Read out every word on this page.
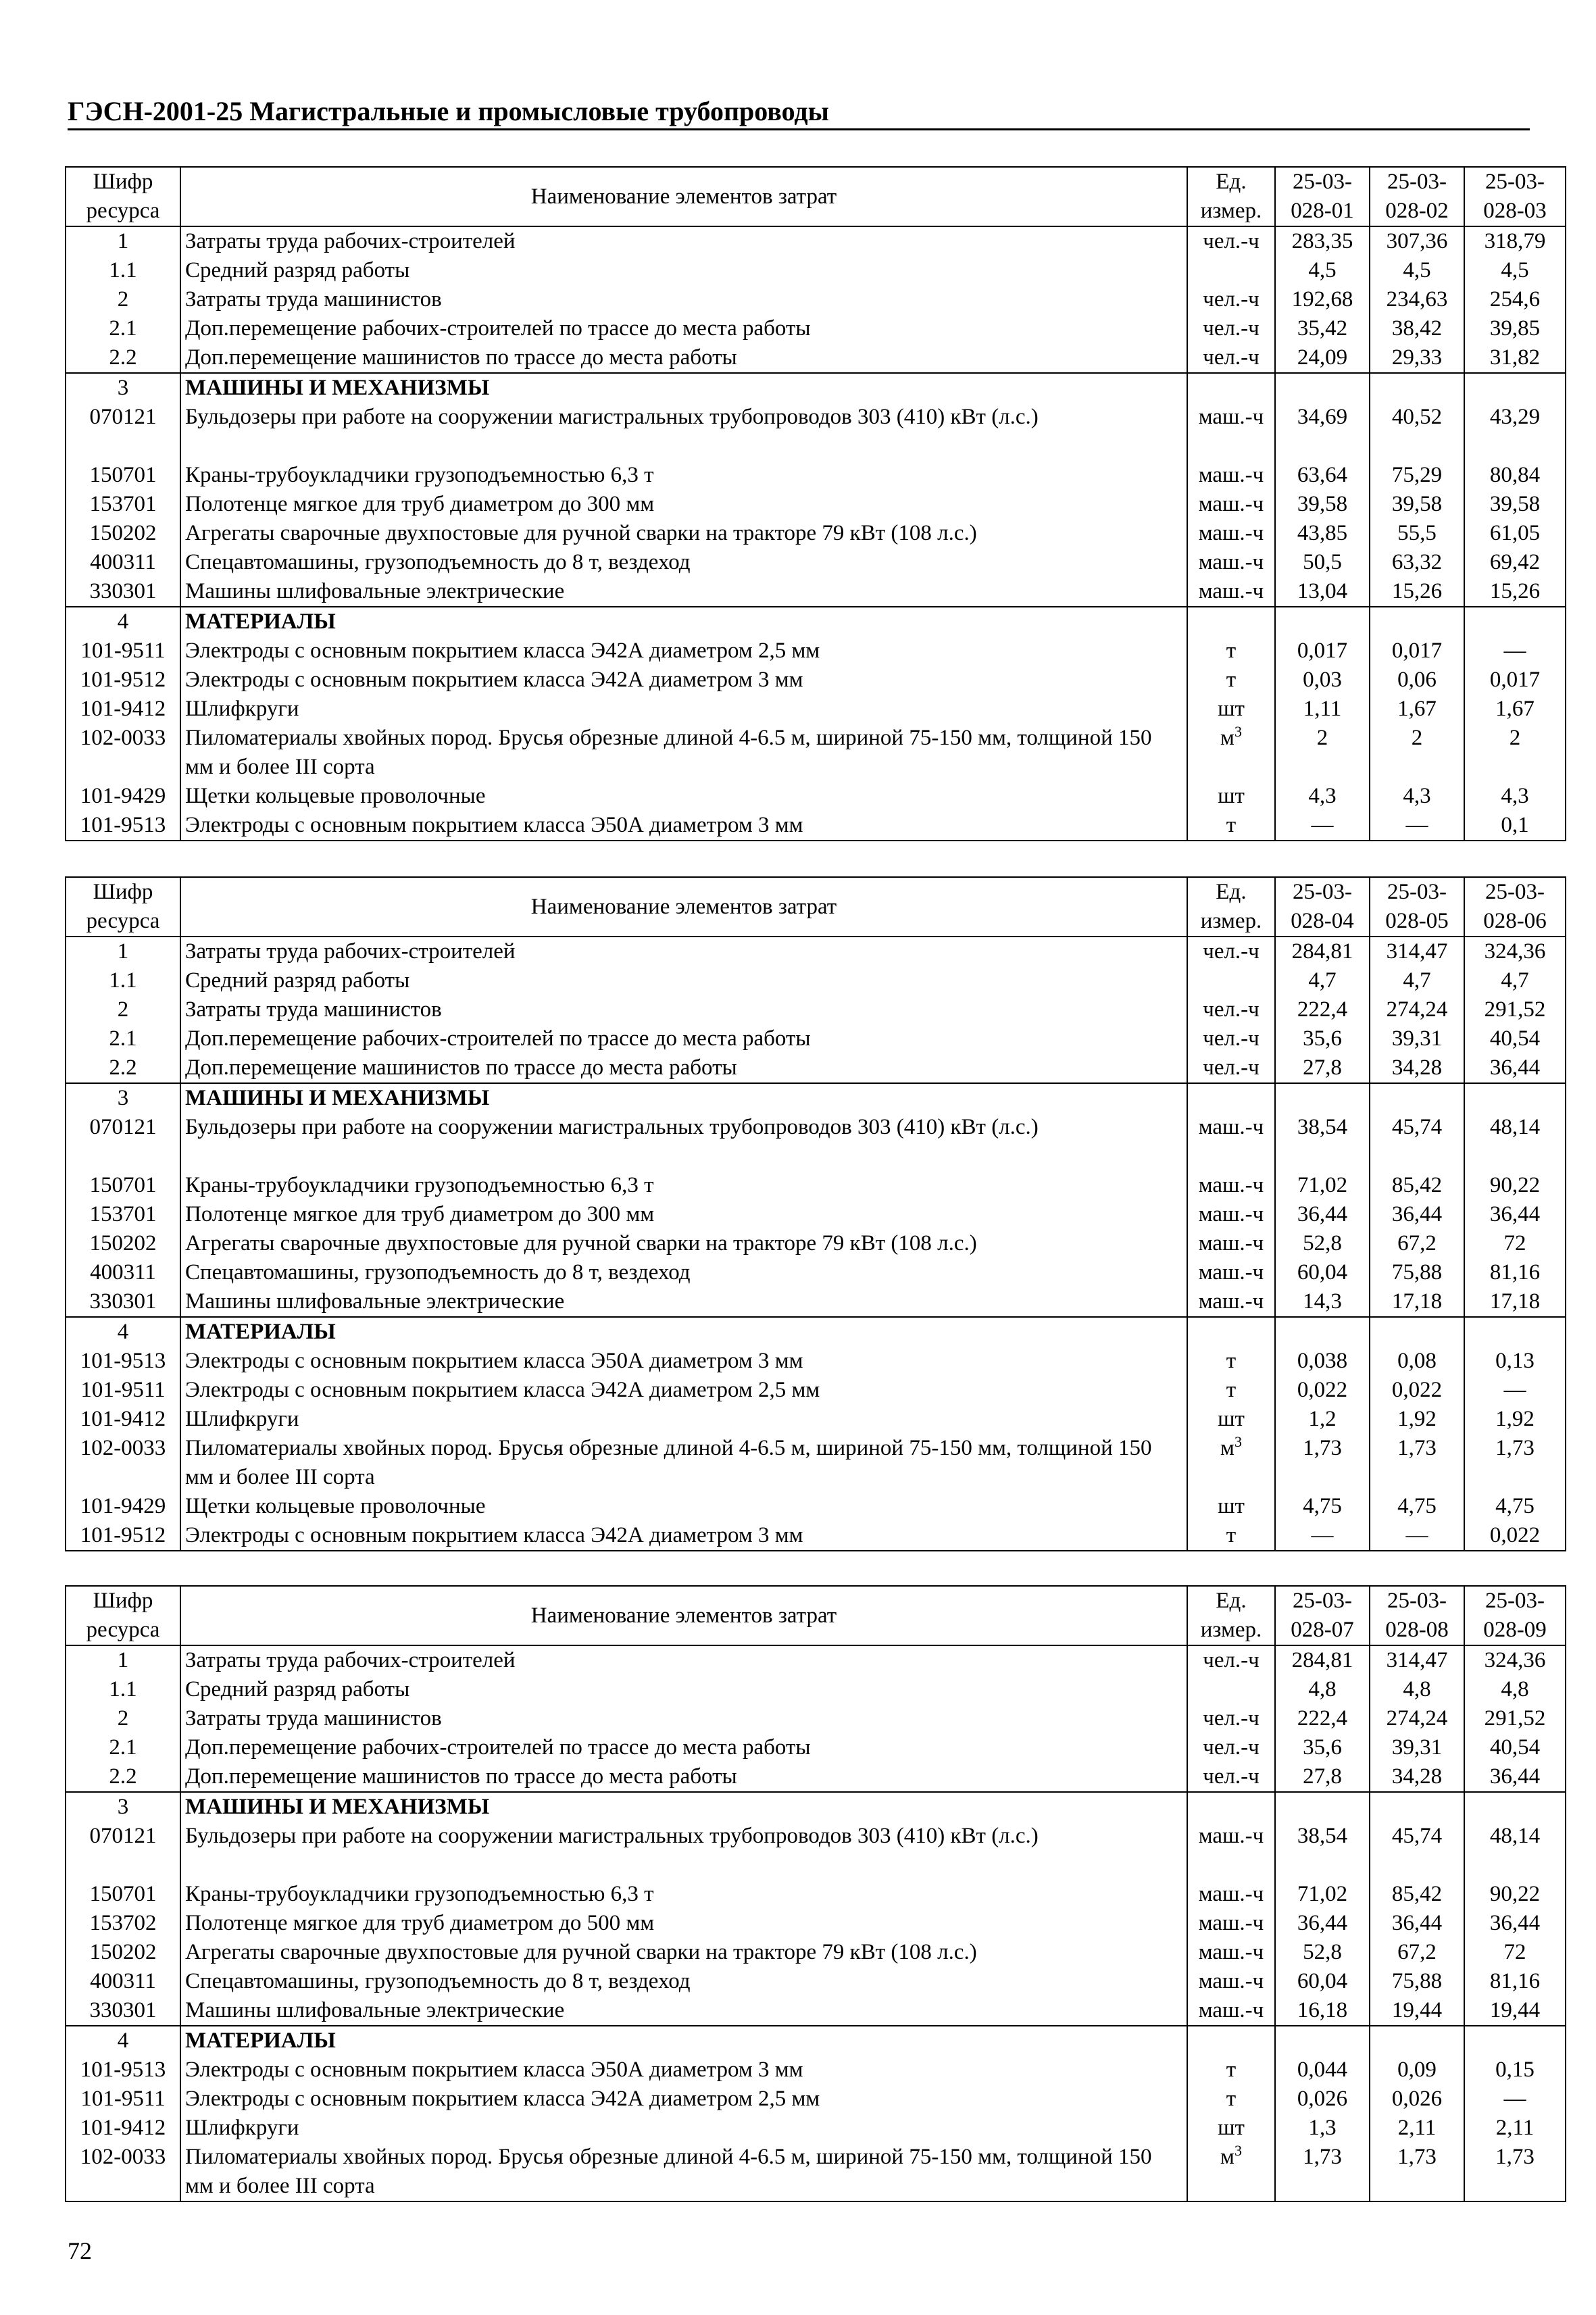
ГЭСН-2001-25 Магистральные и промысловые трубопроводы
Шифр ресурса	Наименование элементов затрат	Ед. измер.	25-03-028-01	25-03-028-02	25-03-028-03
1	Затраты труда рабочих-строителей	чел.-ч	283,35	307,36	318,79
1.1	Средний разряд работы		4,5	4,5	4,5
2	Затраты труда машинистов	чел.-ч	192,68	234,63	254,6
2.1	Доп.перемещение рабочих-строителей по трассе до места работы	чел.-ч	35,42	38,42	39,85
2.2	Доп.перемещение машинистов по трассе до места работы	чел.-ч	24,09	29,33	31,82
3	МАШИНЫ И МЕХАНИЗМЫ				
070121	Бульдозеры при работе на сооружении магистральных трубопроводов 303 (410) кВт (л.с.)	маш.-ч	34,69	40,52	43,29
150701	Краны-трубоукладчики грузоподъемностью 6,3 т	маш.-ч	63,64	75,29	80,84
153701	Полотенце мягкое для труб диаметром до 300 мм	маш.-ч	39,58	39,58	39,58
150202	Агрегаты сварочные двухпостовые для ручной сварки на тракторе 79 кВт (108 л.с.)	маш.-ч	43,85	55,5	61,05
400311	Спецавтомашины, грузоподъемность до 8 т, вездеход	маш.-ч	50,5	63,32	69,42
330301	Машины шлифовальные электрические	маш.-ч	13,04	15,26	15,26
4	МАТЕРИАЛЫ				
101-9511	Электроды с основным покрытием класса Э42А диаметром 2,5 мм	т	0,017	0,017	—
101-9512	Электроды с основным покрытием класса Э42А диаметром 3 мм	т	0,03	0,06	0,017
101-9412	Шлифкруги	шт	1,11	1,67	1,67
102-0033	Пиломатериалы хвойных пород. Брусья обрезные длиной 4-6.5 м, шириной 75-150 мм, толщиной 150 мм и более III сорта	$м^3$	2	2	2
101-9429	Щетки кольцевые проволочные	шт	4,3	4,3	4,3
101-9513	Электроды с основным покрытием класса Э50А диаметром 3 мм	т	—	—	0,1
Шифр ресурса	Наименование элементов затрат	Ед. измер.	25-03-028-04	25-03-028-05	25-03-028-06
1	Затраты труда рабочих-строителей	чел.-ч	284,81	314,47	324,36
1.1	Средний разряд работы		4,7	4,7	4,7
2	Затраты труда машинистов	чел.-ч	222,4	274,24	291,52
2.1	Доп.перемещение рабочих-строителей по трассе до места работы	чел.-ч	35,6	39,31	40,54
2.2	Доп.перемещение машинистов по трассе до места работы	чел.-ч	27,8	34,28	36,44
3	МАШИНЫ И МЕХАНИЗМЫ				
070121	Бульдозеры при работе на сооружении магистральных трубопроводов 303 (410) кВт (л.с.)	маш.-ч	38,54	45,74	48,14
150701	Краны-трубоукладчики грузоподъемностью 6,3 т	маш.-ч	71,02	85,42	90,22
153701	Полотенце мягкое для труб диаметром до 300 мм	маш.-ч	36,44	36,44	36,44
150202	Агрегаты сварочные двухпостовые для ручной сварки на тракторе 79 кВт (108 л.с.)	маш.-ч	52,8	67,2	72
400311	Спецавтомашины, грузоподъемность до 8 т, вездеход	маш.-ч	60,04	75,88	81,16
330301	Машины шлифовальные электрические	маш.-ч	14,3	17,18	17,18
4	МАТЕРИАЛЫ				
101-9513	Электроды с основным покрытием класса Э50А диаметром 3 мм	т	0,038	0,08	0,13
101-9511	Электроды с основным покрытием класса Э42А диаметром 2,5 мм	т	0,022	0,022	—
101-9412	Шлифкруги	шт	1,2	1,92	1,92
102-0033	Пиломатериалы хвойных пород. Брусья обрезные длиной 4-6.5 м, шириной 75-150 мм, толщиной 150 мм и более III сорта	$м^3$	1,73	1,73	1,73
101-9429	Щетки кольцевые проволочные	шт	4,75	4,75	4,75
101-9512	Электроды с основным покрытием класса Э42А диаметром 3 мм	т	—	—	0,022
Шифр ресурса	Наименование элементов затрат	Ед. измер.	25-03-028-07	25-03-028-08	25-03-028-09
1	Затраты труда рабочих-строителей	чел.-ч	284,81	314,47	324,36
1.1	Средний разряд работы		4,8	4,8	4,8
2	Затраты труда машинистов	чел.-ч	222,4	274,24	291,52
2.1	Доп.перемещение рабочих-строителей по трассе до места работы	чел.-ч	35,6	39,31	40,54
2.2	Доп.перемещение машинистов по трассе до места работы	чел.-ч	27,8	34,28	36,44
3	МАШИНЫ И МЕХАНИЗМЫ				
070121	Бульдозеры при работе на сооружении магистральных трубопроводов 303 (410) кВт (л.с.)	маш.-ч	38,54	45,74	48,14
150701	Краны-трубоукладчики грузоподъемностью 6,3 т	маш.-ч	71,02	85,42	90,22
153702	Полотенце мягкое для труб диаметром до 500 мм	маш.-ч	36,44	36,44	36,44
150202	Агрегаты сварочные двухпостовые для ручной сварки на тракторе 79 кВт (108 л.с.)	маш.-ч	52,8	67,2	72
400311	Спецавтомашины, грузоподъемность до 8 т, вездеход	маш.-ч	60,04	75,88	81,16
330301	Машины шлифовальные электрические	маш.-ч	16,18	19,44	19,44
4	МАТЕРИАЛЫ				
101-9513	Электроды с основным покрытием класса Э50А диаметром 3 мм	т	0,044	0,09	0,15
101-9511	Электроды с основным покрытием класса Э42А диаметром 2,5 мм	т	0,026	0,026	—
101-9412	Шлифкруги	шт	1,3	2,11	2,11
102-0033	Пиломатериалы хвойных пород. Брусья обрезные длиной 4-6.5 м, шириной 75-150 мм, толщиной 150 мм и более III сорта	$м^3$	1,73	1,73	1,73
72
